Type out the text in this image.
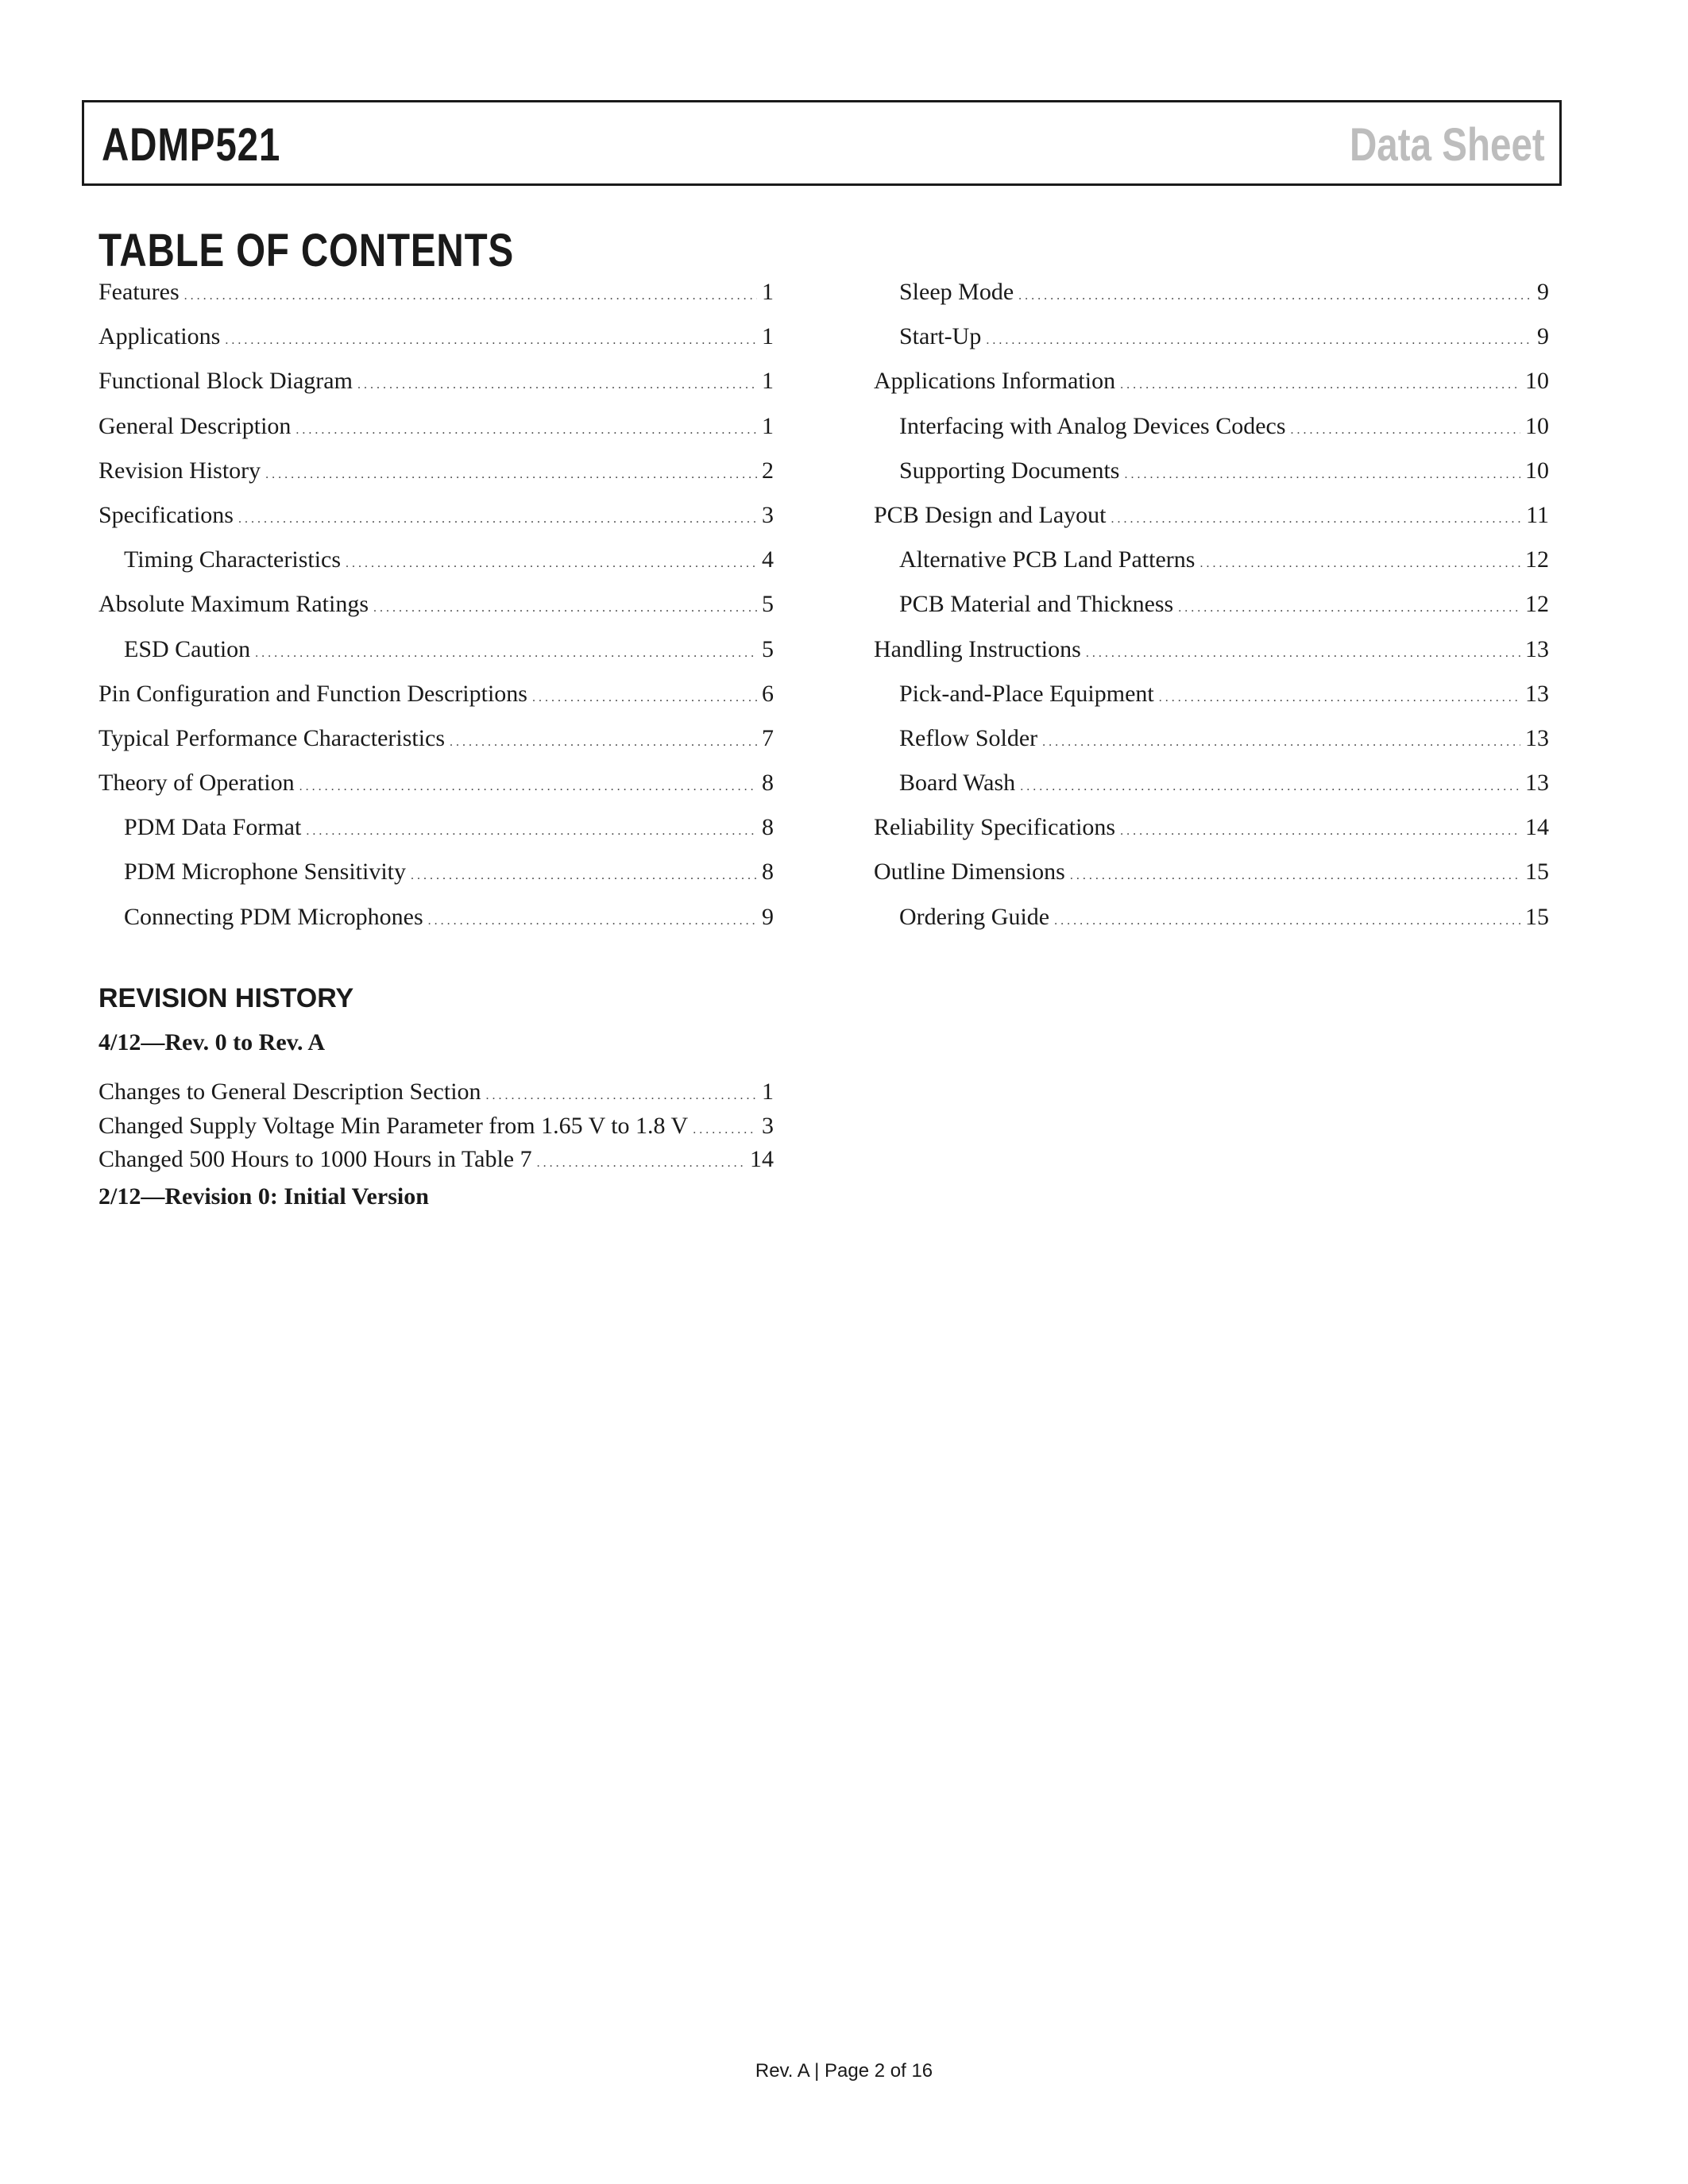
ADMP521	Data Sheet
TABLE OF CONTENTS
Features . . .	1
Applications . . .	1
Functional Block Diagram . . .	1
General Description . . .	1
Revision History . . .	2
Specifications . . .	3
Timing Characteristics . . .	4
Absolute Maximum Ratings . . .	5
ESD Caution . . .	5
Pin Configuration and Function Descriptions . . .	6
Typical Performance Characteristics . . .	7
Theory of Operation . . .	8
PDM Data Format . . .	8
PDM Microphone Sensitivity . . .	8
Connecting PDM Microphones . . .	9
Sleep Mode . . .	9
Start-Up . . .	9
Applications Information . . .	10
Interfacing with Analog Devices Codecs . . .	10
Supporting Documents . . .	10
PCB Design and Layout . . .	11
Alternative PCB Land Patterns . . .	12
PCB Material and Thickness . . .	12
Handling Instructions . . .	13
Pick-and-Place Equipment . . .	13
Reflow Solder . . .	13
Board Wash . . .	13
Reliability Specifications . . .	14
Outline Dimensions . . .	15
Ordering Guide . . .	15
REVISION HISTORY
4/12—Rev. 0 to Rev. A
Changes to General Description Section . . .	1
Changed Supply Voltage Min Parameter from 1.65 V to 1.8 V . . .	3
Changed 500 Hours to 1000 Hours in Table 7 . . .	14
2/12—Revision 0: Initial Version
Rev. A | Page 2 of 16
